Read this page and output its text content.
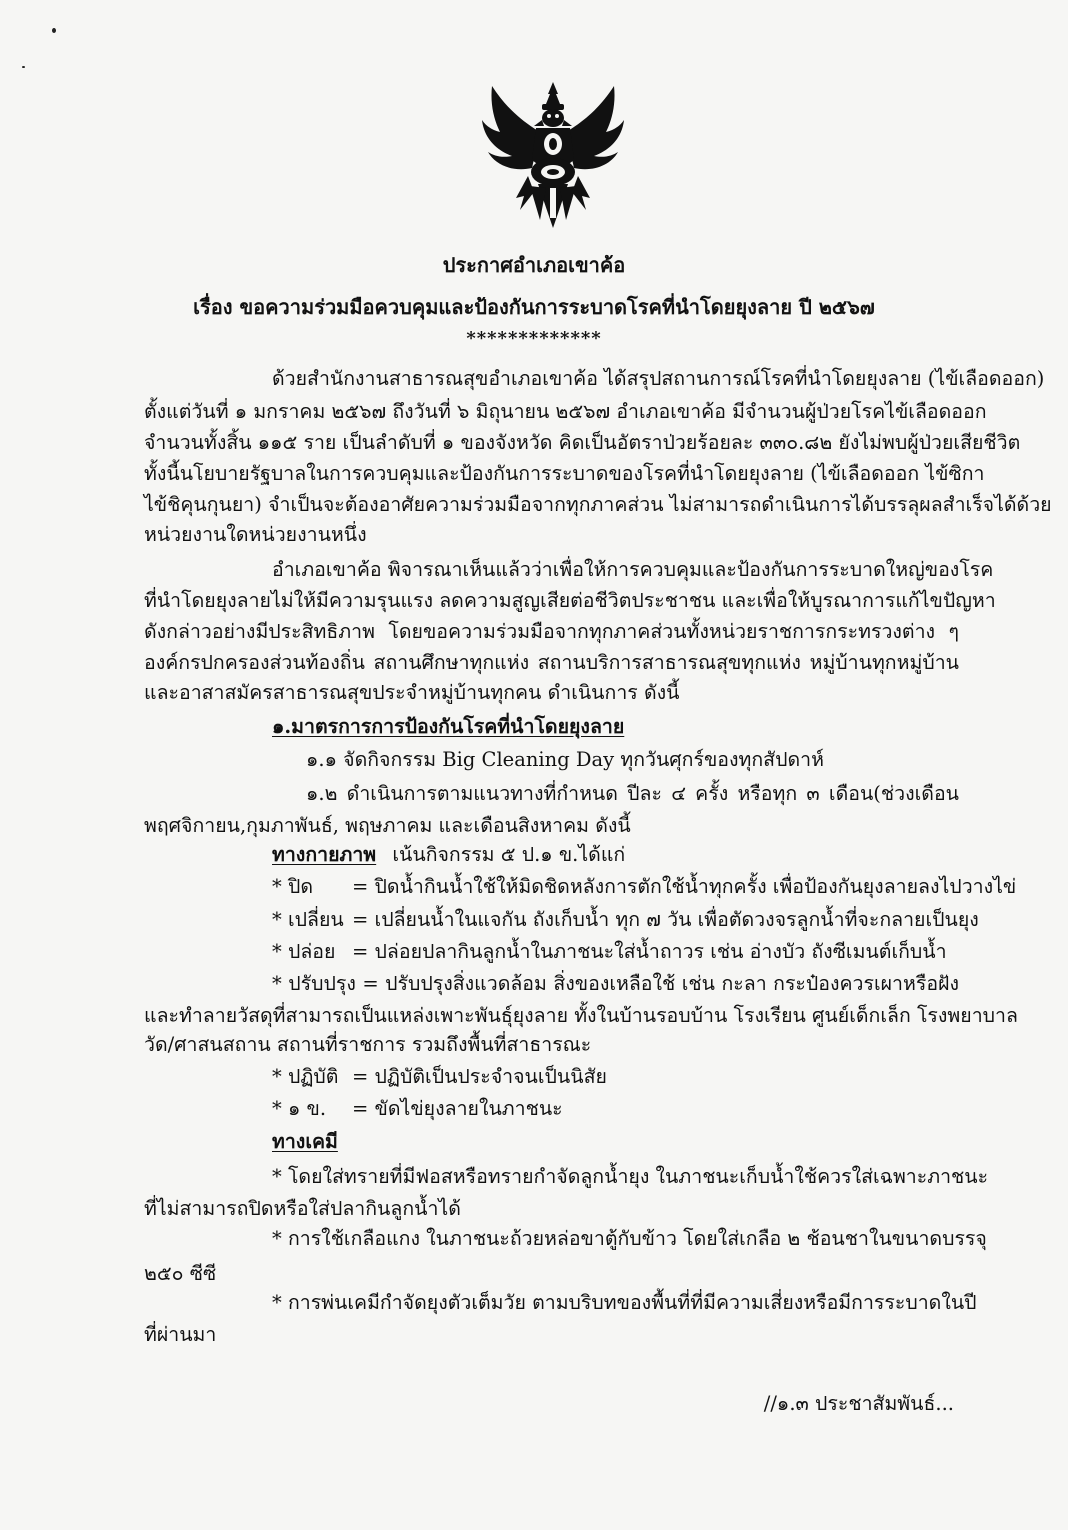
ประกาศอำเภอเขาค้อ
เรื่อง ขอความร่วมมือควบคุมและป้องกันการระบาดโรคที่นำโดยยุงลาย ปี ๒๕๖๗
*************
ด้วยสำนักงานสาธารณสุขอำเภอเขาค้อ ได้สรุปสถานการณ์โรคที่นำโดยยุงลาย (ไข้เลือดออก)
ตั้งแต่วันที่ ๑ มกราคม ๒๕๖๗ ถึงวันที่ ๖ มิถุนายน ๒๕๖๗ อำเภอเขาค้อ มีจำนวนผู้ป่วยโรคไข้เลือดออก
จำนวนทั้งสิ้น ๑๑๕ ราย เป็นลำดับที่ ๑ ของจังหวัด คิดเป็นอัตราป่วยร้อยละ ๓๓๐.๘๒ ยังไม่พบผู้ป่วยเสียชีวิต
ทั้งนี้นโยบายรัฐบาลในการควบคุมและป้องกันการระบาดของโรคที่นำโดยยุงลาย (ไข้เลือดออก ไข้ซิกา
ไข้ชิคุนกุนยา) จำเป็นจะต้องอาศัยความร่วมมือจากทุกภาคส่วน ไม่สามารถดำเนินการได้บรรลุผลสำเร็จได้ด้วย
หน่วยงานใดหน่วยงานหนึ่ง
อำเภอเขาค้อ พิจารณาเห็นแล้วว่าเพื่อให้การควบคุมและป้องกันการระบาดใหญ่ของโรค
ที่นำโดยยุงลายไม่ให้มีความรุนแรง ลดความสูญเสียต่อชีวิตประชาชน และเพื่อให้บูรณาการแก้ไขปัญหา
ดังกล่าวอย่างมีประสิทธิภาพ โดยขอความร่วมมือจากทุกภาคส่วนทั้งหน่วยราชการกระทรวงต่าง ๆ
องค์กรปกครองส่วนท้องถิ่น สถานศึกษาทุกแห่ง สถานบริการสาธารณสุขทุกแห่ง หมู่บ้านทุกหมู่บ้าน
และอาสาสมัครสาธารณสุขประจำหมู่บ้านทุกคน ดำเนินการ ดังนี้
๑.มาตรการการป้องกันโรคที่นำโดยยุงลาย
๑.๑ จัดกิจกรรม Big Cleaning Day ทุกวันศุกร์ของทุกสัปดาห์
๑.๒ ดำเนินการตามแนวทางที่กำหนด ปีละ ๔ ครั้ง หรือทุก ๓ เดือน(ช่วงเดือน
พฤศจิกายน,กุมภาพันธ์, พฤษภาคม และเดือนสิงหาคม ดังนี้
ทางกายภาพ เน้นกิจกรรม ๕ ป.๑ ข.ได้แก่
* ปิด = ปิดน้ำกินน้ำใช้ให้มิดชิดหลังการตักใช้น้ำทุกครั้ง เพื่อป้องกันยุงลายลงไปวางไข่
* เปลี่ยน = เปลี่ยนน้ำในแจกัน ถังเก็บน้ำ ทุก ๗ วัน เพื่อตัดวงจรลูกน้ำที่จะกลายเป็นยุง
* ปล่อย = ปล่อยปลากินลูกน้ำในภาชนะใส่น้ำถาวร เช่น อ่างบัว ถังซีเมนต์เก็บน้ำ
* ปรับปรุง = ปรับปรุงสิ่งแวดล้อม สิ่งของเหลือใช้ เช่น กะลา กระป๋องควรเผาหรือฝัง
และทำลายวัสดุที่สามารถเป็นแหล่งเพาะพันธุ์ยุงลาย ทั้งในบ้านรอบบ้าน โรงเรียน ศูนย์เด็กเล็ก โรงพยาบาล
วัด/ศาสนสถาน สถานที่ราชการ รวมถึงพื้นที่สาธารณะ
* ปฏิบัติ = ปฏิบัติเป็นประจำจนเป็นนิสัย
* ๑ ข. = ขัดไข่ยุงลายในภาชนะ
ทางเคมี
* โดยใส่ทรายที่มีฟอสหรือทรายกำจัดลูกน้ำยุง ในภาชนะเก็บน้ำใช้ควรใส่เฉพาะภาชนะ
ที่ไม่สามารถปิดหรือใส่ปลากินลูกน้ำได้
* การใช้เกลือแกง ในภาชนะถ้วยหล่อขาตู้กับข้าว โดยใส่เกลือ ๒ ช้อนชาในขนาดบรรจุ
๒๕๐ ซีซี
//๑.๓ ประชาสัมพันธ์...
* การพ่นเคมีกำจัดยุงตัวเต็มวัย ตามบริบทของพื้นที่ที่มีความเสี่ยงหรือมีการระบาดในปี
ที่ผ่านมา
